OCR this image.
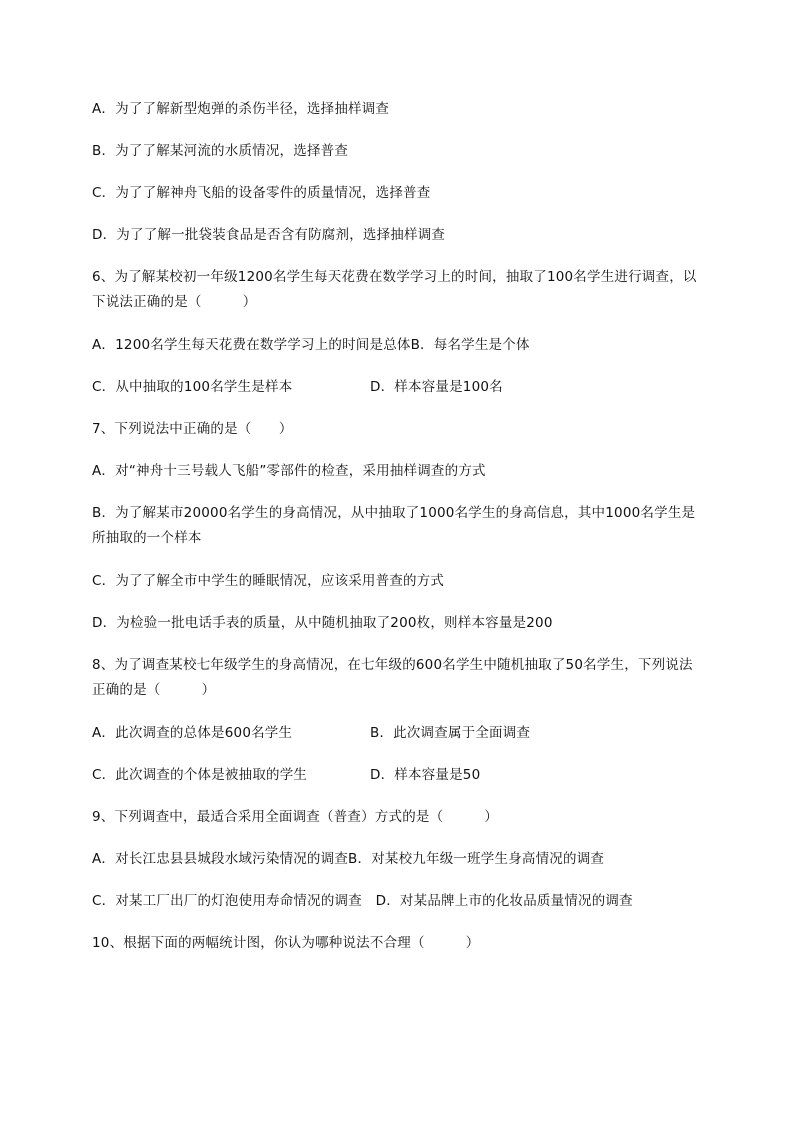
A．为了了解新型炮弹的杀伤半径，选择抽样调查
B．为了了解某河流的水质情况，选择普查
C．为了了解神舟飞船的设备零件的质量情况，选择普查
D．为了了解一批袋装食品是否含有防腐剂，选择抽样调查
6、为了解某校初一年级1200名学生每天花费在数学学习上的时间，抽取了100名学生进行调查，以
下说法正确的是（　　　）
A．1200名学生每天花费在数学学习上的时间是总体B．每名学生是个体
C．从中抽取的100名学生是样本	D．样本容量是100名
7、下列说法中正确的是（　　）
A．对“神舟十三号载人飞船”零部件的检查，采用抽样调查的方式
B．为了解某市20000名学生的身高情况，从中抽取了1000名学生的身高信息，其中1000名学生是
所抽取的一个样本
C．为了了解全市中学生的睡眠情况，应该采用普查的方式
D．为检验一批电话手表的质量，从中随机抽取了200枚，则样本容量是200
8、为了调查某校七年级学生的身高情况，在七年级的600名学生中随机抽取了50名学生，下列说法
正确的是（　　　）
A．此次调查的总体是600名学生	B．此次调查属于全面调查
C．此次调查的个体是被抽取的学生	D．样本容量是50
9、下列调查中，最适合采用全面调查（普查）方式的是（　　　）
A．对长江忠县县城段水域污染情况的调查B．对某校九年级一班学生身高情况的调查
C．对某工厂出厂的灯泡使用寿命情况的调查　D．对某品牌上市的化妆品质量情况的调查
10、根据下面的两幅统计图，你认为哪种说法不合理（　　　）
